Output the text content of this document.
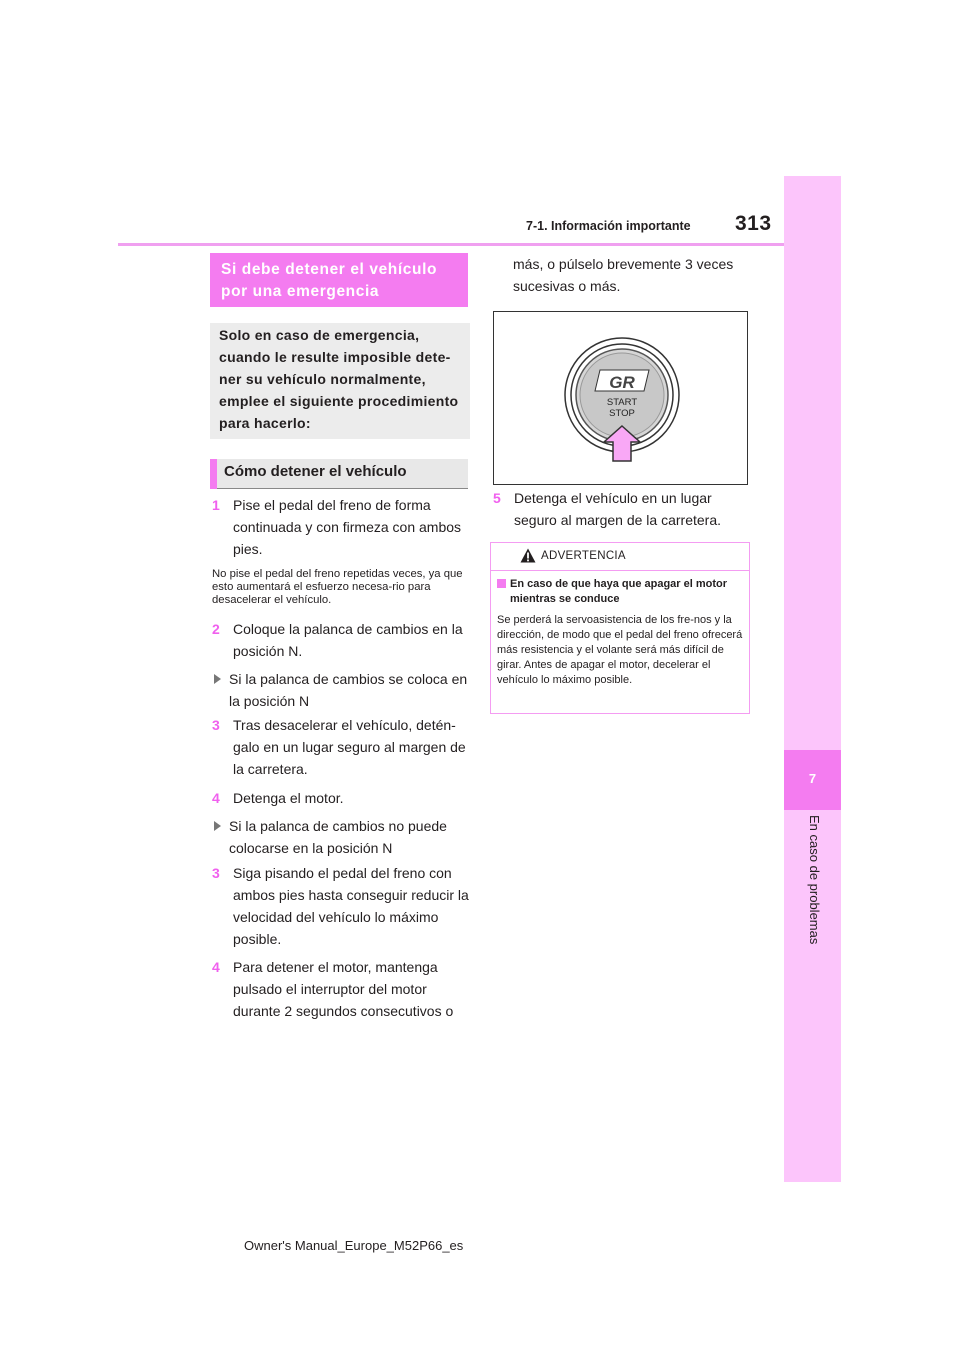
7-1. Información importante 313
7
En caso de problemas
Si debe detener el vehículo por una emergencia
Solo en caso de emergencia, cuando le resulte imposible dete-ner su vehículo normalmente, emplee el siguiente procedimiento para hacerlo:
Cómo detener el vehículo
1 Pise el pedal del freno de forma continuada y con firmeza con ambos pies.
No pise el pedal del freno repetidas veces, ya que esto aumentará el esfuerzo necesa-rio para desacelerar el vehículo.
2 Coloque la palanca de cambios en la posición N.
Si la palanca de cambios se coloca en la posición N
3 Tras desacelerar el vehículo, detén-galo en un lugar seguro al margen de la carretera.
4 Detenga el motor.
Si la palanca de cambios no puede colocarse en la posición N
3 Siga pisando el pedal del freno con ambos pies hasta conseguir reducir la velocidad del vehículo lo máximo posible.
4 Para detener el motor, mantenga pulsado el interruptor del motor durante 2 segundos consecutivos o
más, o púlselo brevemente 3 veces sucesivas o más.
GR
START
STOP
5 Detenga el vehículo en un lugar seguro al margen de la carretera.
ADVERTENCIA
En caso de que haya que apagar el motor mientras se conduce
Se perderá la servoasistencia de los fre-nos y la dirección, de modo que el pedal del freno ofrecerá más resistencia y el volante será más difícil de girar. Antes de apagar el motor, decelerar el vehículo lo máximo posible.
Owner's Manual_Europe_M52P66_es
